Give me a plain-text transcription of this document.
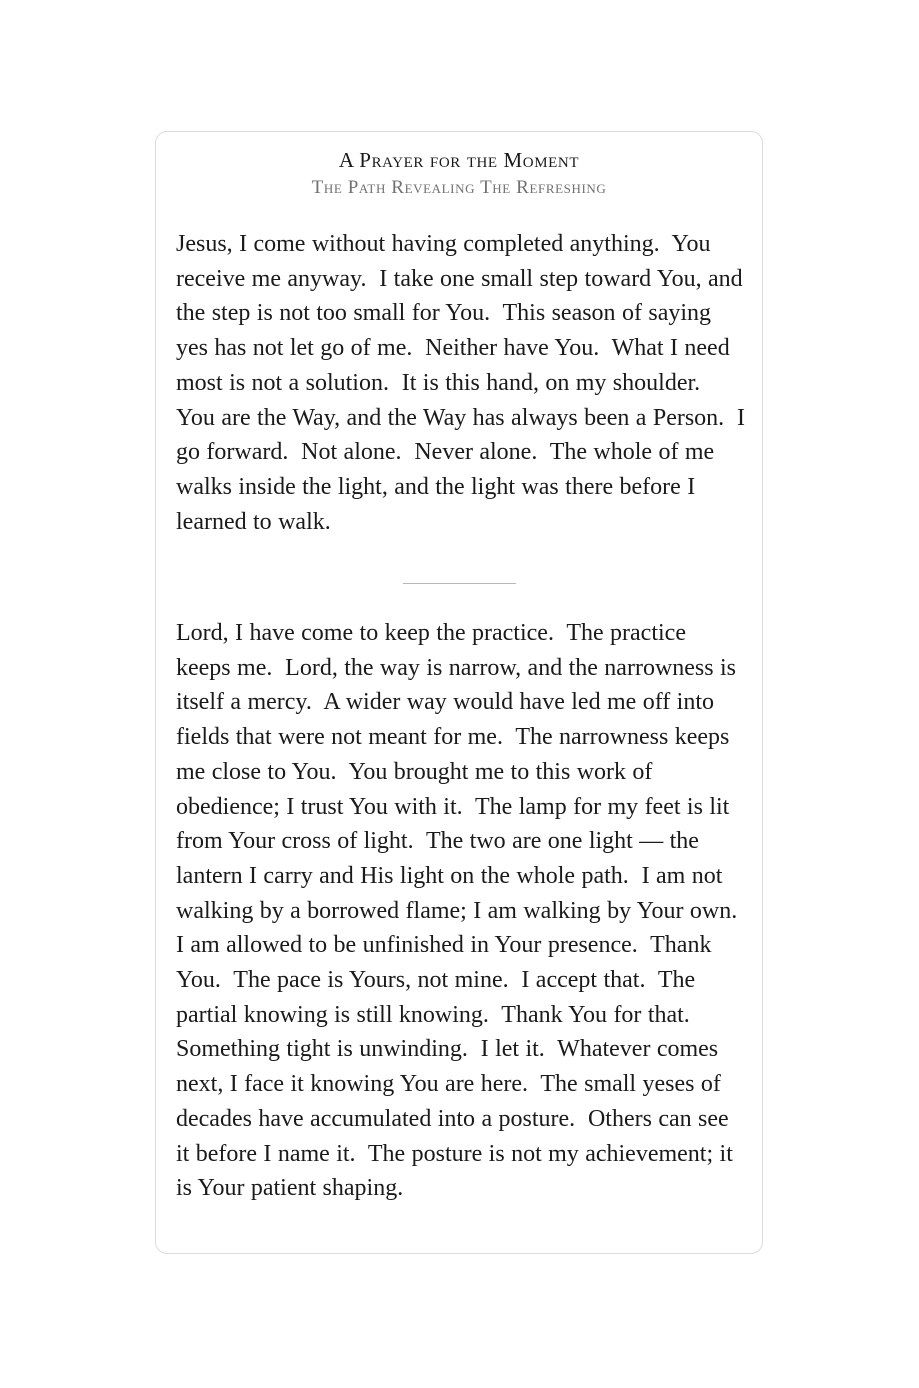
A Prayer for the Moment
The Path Revealing The Refreshing

Jesus, I come without having completed anything.  You receive me anyway.  I take one small step toward You, and the step is not too small for You.  This season of saying yes has not let go of me.  Neither have You.  What I need most is not a solution.  It is this hand, on my shoulder.  You are the Way, and the Way has always been a Person.  I go forward.  Not alone.  Never alone.  The whole of me walks inside the light, and the light was there before I learned to walk.

Lord, I have come to keep the practice.  The practice keeps me.  Lord, the way is narrow, and the narrowness is itself a mercy.  A wider way would have led me off into fields that were not meant for me.  The narrowness keeps me close to You.  You brought me to this work of obedience; I trust You with it.  The lamp for my feet is lit from Your cross of light.  The two are one light — the lantern I carry and His light on the whole path.  I am not walking by a borrowed flame; I am walking by Your own.  I am allowed to be unfinished in Your presence.  Thank You.  The pace is Yours, not mine.  I accept that.  The partial knowing is still knowing.  Thank You for that.  Something tight is unwinding.  I let it.  Whatever comes next, I face it knowing You are here.  The small yeses of decades have accumulated into a posture.  Others can see it before I name it.  The posture is not my achievement; it is Your patient shaping.
